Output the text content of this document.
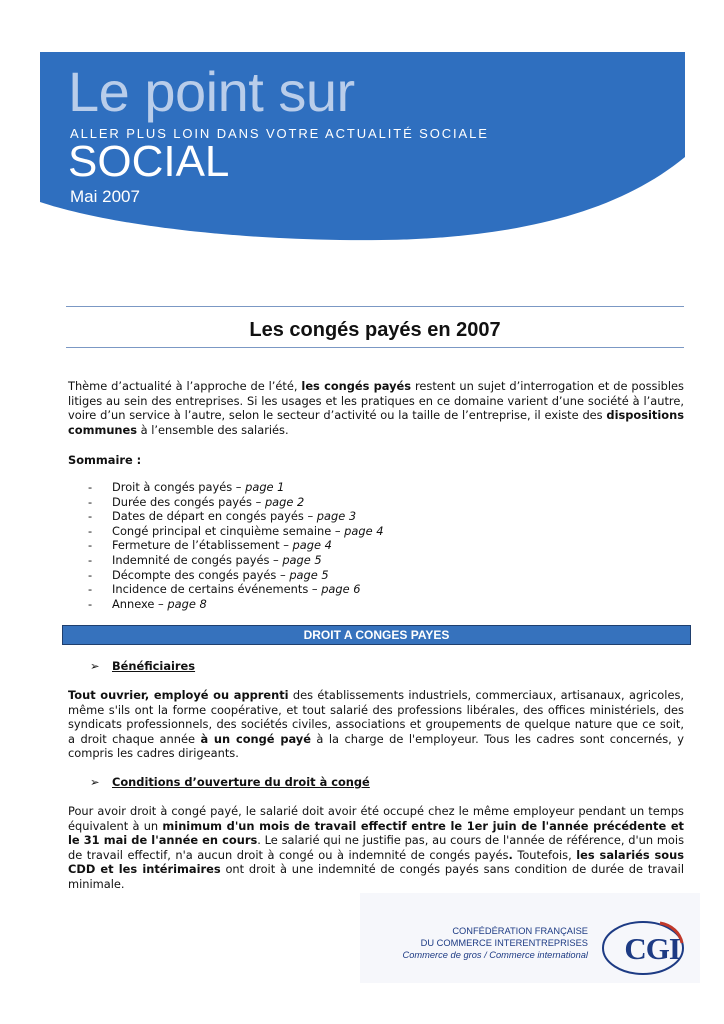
Le point sur
ALLER PLUS LOIN DANS VOTRE ACTUALITÉ SOCIALE
SOCIAL
Mai 2007
Les congés payés en 2007

Thème d’actualité à l’approche de l’été, les congés payés restent un sujet d’interrogation et de possibles litiges au sein des entreprises. Si les usages et les pratiques en ce domaine varient d’une société à l’autre, voire d’un service à l’autre, selon le secteur d’activité ou la taille de l’entreprise, il existe des dispositions communes à l’ensemble des salariés.

Sommaire :
- Droit à congés payés – page 1
- Durée des congés payés – page 2
- Dates de départ en congés payés – page 3
- Congé principal et cinquième semaine – page 4
- Fermeture de l’établissement – page 4
- Indemnité de congés payés – page 5
- Décompte des congés payés – page 5
- Incidence de certains événements – page 6
- Annexe – page 8
DROIT A CONGES PAYES
➢ Bénéficiaires

Tout ouvrier, employé ou apprenti des établissements industriels, commerciaux, artisanaux, agricoles, même s'ils ont la forme coopérative, et tout salarié des professions libérales, des offices ministériels, des syndicats professionnels, des sociétés civiles, associations et groupements de quelque nature que ce soit, a droit chaque année à un congé payé à la charge de l'employeur. Tous les cadres sont concernés, y compris les cadres dirigeants.

➢ Conditions d’ouverture du droit à congé

Pour avoir droit à congé payé, le salarié doit avoir été occupé chez le même employeur pendant un temps équivalent à un minimum d'un mois de travail effectif entre le 1er juin de l'année précédente et le 31 mai de l'année en cours. Le salarié qui ne justifie pas, au cours de l'année de référence, d'un mois de travail effectif, n'a aucun droit à congé ou à indemnité de congés payés. Toutefois, les salariés sous CDD et les intérimaires ont droit à une indemnité de congés payés sans condition de durée de travail minimale.

CONFÉDÉRATION FRANÇAISE
DU COMMERCE INTERENTREPRISES
Commerce de gros / Commerce international CGI
